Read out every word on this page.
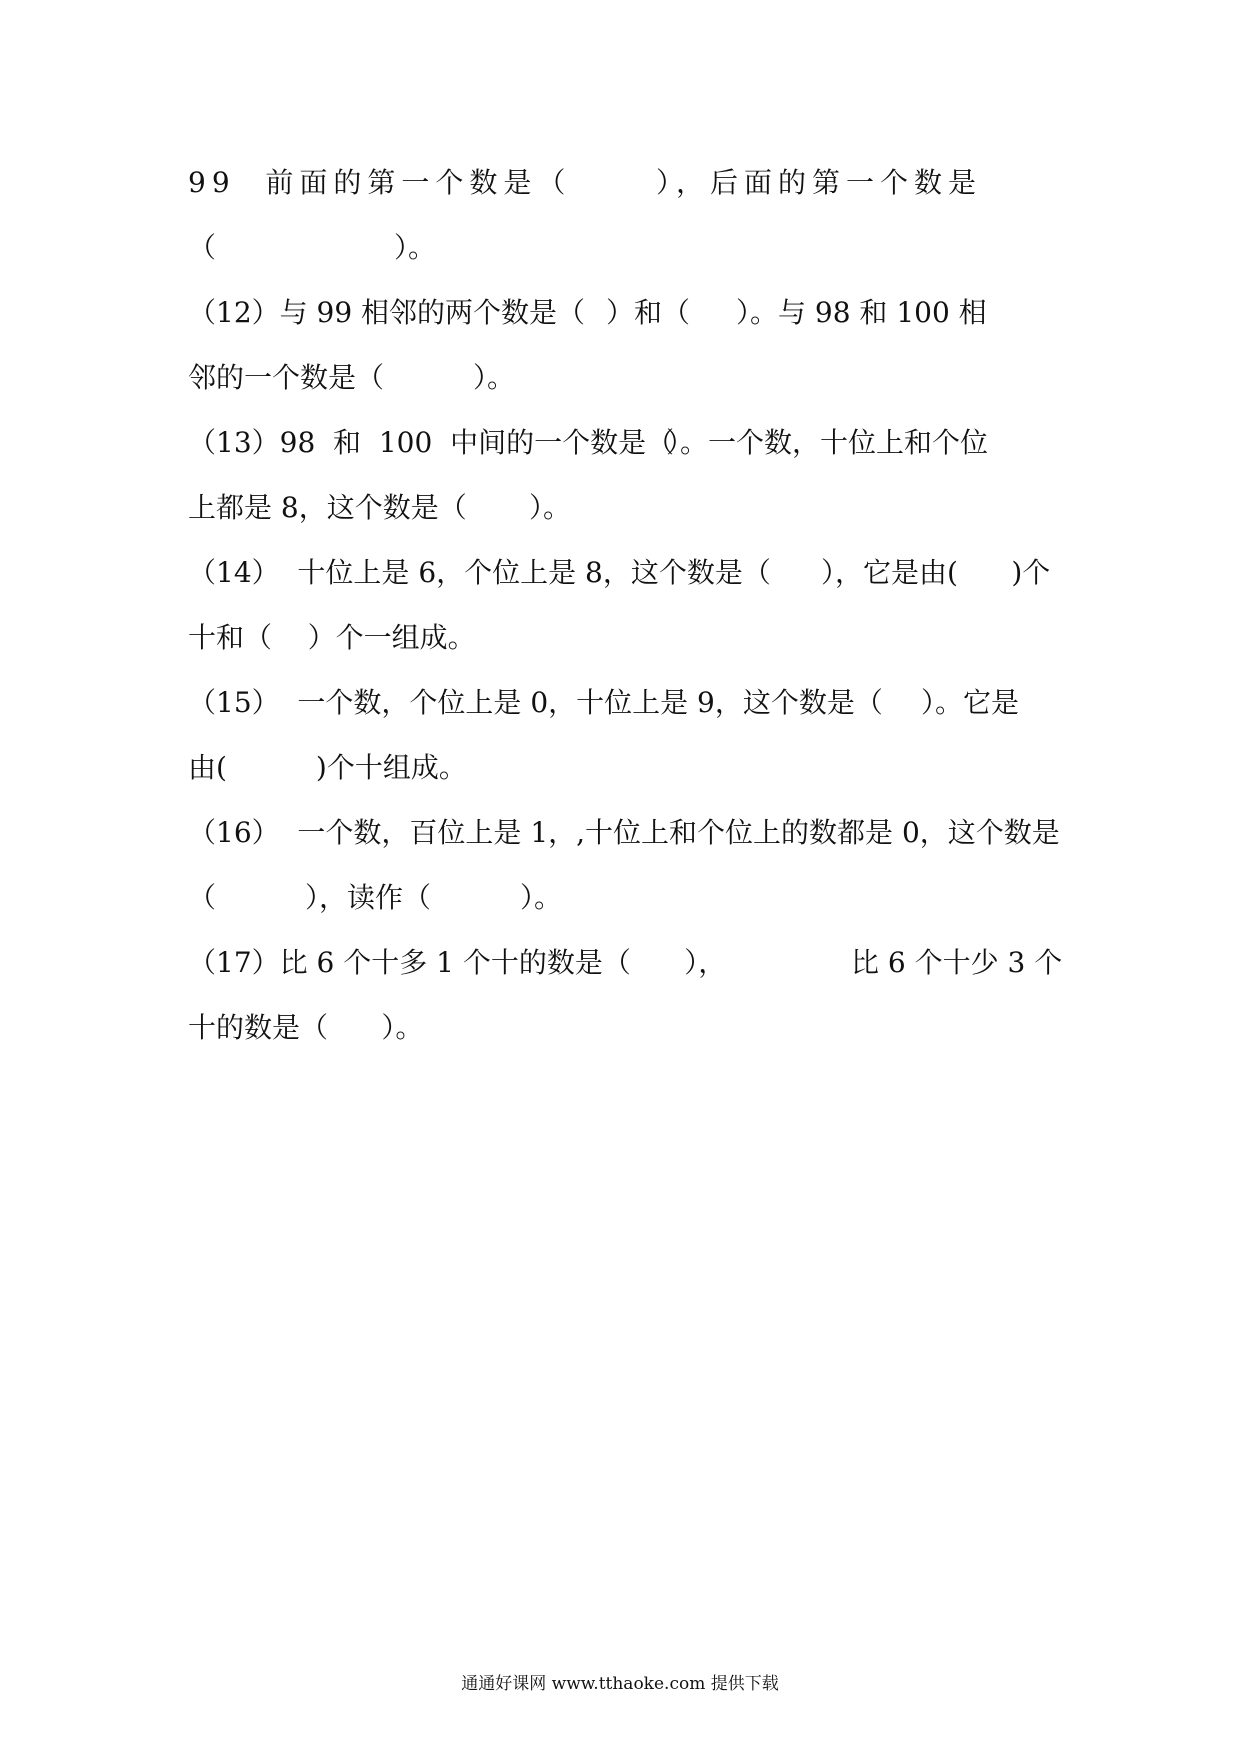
99  前面的第一个数是（	），后面的第一个数是
（                    ）。
（12）与 99 相邻的两个数是（ ）和（ ）。与 98 和 100 相
邻的一个数是（          ）。
（13）98  和  100  中间的一个数是（
）。一个数，十位上和个位
上都是 8，这个数是（       ）。
（14）  十位上是 6，个位上是 8，这个数是（ ），它是由(      )个
十和（    ）个一组成。
（15）  一个数，个位上是 0，十位上是 9，这个数是（ ）。它是
由(          )个十组成。
（16）  一个数，百位上是 1，,十位上和个位上的数都是 0，这个数是
（          ），读作（          ）。
（17）比 6 个十多 1 个十的数是（      ），	比 6 个十少 3 个
十的数是（      ）。
通通好课网 www.tthaoke.com 提供下载
